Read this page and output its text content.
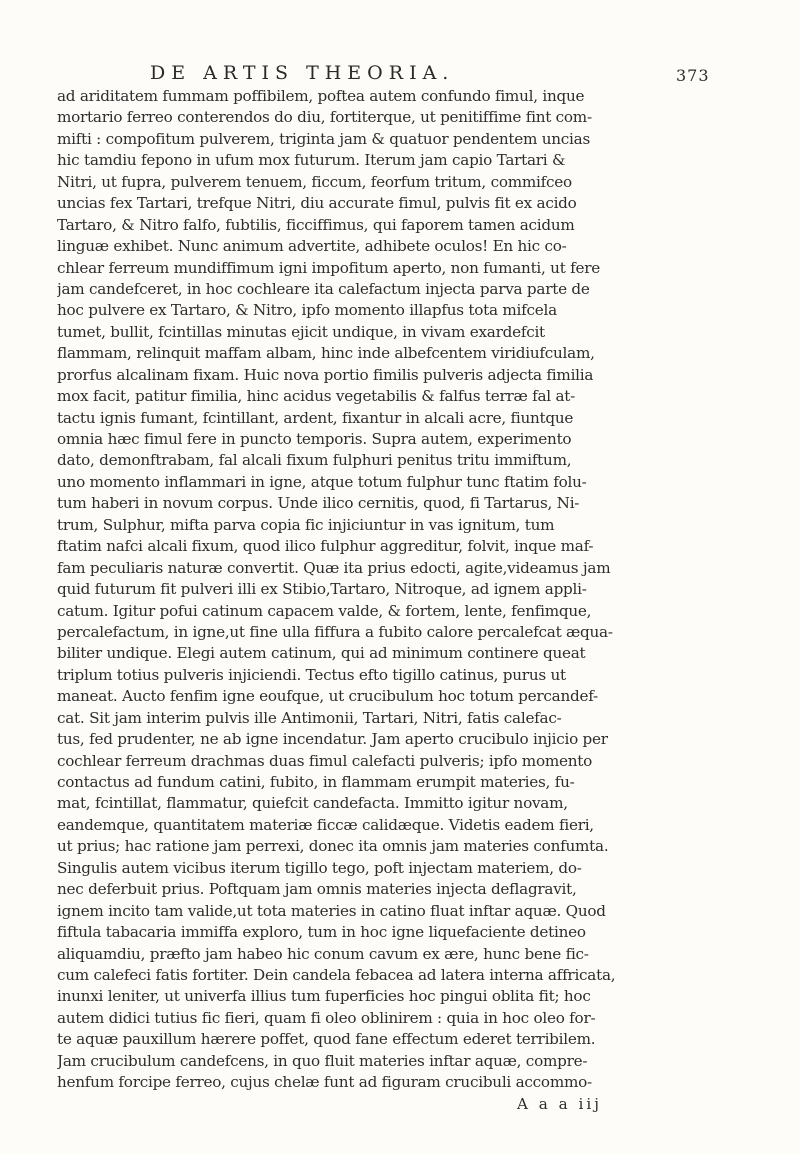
DE ARTIS THEORIA.	373
ad ariditatem fummam poffibilem, poftea autem confundo fimul, inque
mortario ferreo conterendos do diu, fortiterque, ut penitiffime fint com-
mifti : compofitum pulverem, triginta jam & quatuor pendentem uncias
hic tamdiu fepono in ufum mox futurum. Iterum jam capio Tartari &
Nitri, ut fupra, pulverem tenuem, ficcum, feorfum tritum, commifceo
uncias fex Tartari, trefque Nitri, diu accurate fimul, pulvis fit ex acido
Tartaro, & Nitro falfo, fubtilis, ficciffimus, qui faporem tamen acidum
linguæ exhibet. Nunc animum advertite, adhibete oculos! En hic co-
chlear ferreum mundiffimum igni impofitum aperto, non fumanti, ut fere
jam candefceret, in hoc cochleare ita calefactum injecta parva parte de
hoc pulvere ex Tartaro, & Nitro, ipfo momento illapfus tota mifcela
tumet, bullit, fcintillas minutas ejicit undique, in vivam exardefcit
flammam, relinquit maffam albam, hinc inde albefcentem viridiufculam,
prorfus alcalinam fixam. Huic nova portio fimilis pulveris adjecta fimilia
mox facit, patitur fimilia, hinc acidus vegetabilis & falfus terræ fal at-
tactu ignis fumant, fcintillant, ardent, fixantur in alcali acre, fiuntque
omnia hæc fimul fere in puncto temporis. Supra autem, experimento
dato, demonftrabam, fal alcali fixum fulphuri penitus tritu immiftum,
uno momento inflammari in igne, atque totum fulphur tunc ftatim folu-
tum haberi in novum corpus. Unde ilico cernitis, quod, fi Tartarus, Ni-
trum, Sulphur, mifta parva copia fic injiciuntur in vas ignitum, tum
ftatim nafci alcali fixum, quod ilico fulphur aggreditur, folvit, inque maf-
fam peculiaris naturæ convertit. Quæ ita prius edocti, agite,videamus jam
quid futurum fit pulveri illi ex Stibio,Tartaro, Nitroque, ad ignem appli-
catum. Igitur pofui catinum capacem valde, & fortem, lente, fenfimque,
percalefactum, in igne,ut fine ulla fiffura a fubito calore percalefcat æqua-
biliter undique. Elegi autem catinum, qui ad minimum continere queat
triplum totius pulveris injiciendi. Tectus efto tigillo catinus, purus ut
maneat. Aucto fenfim igne eoufque, ut crucibulum hoc totum percandef-
cat. Sit jam interim pulvis ille Antimonii, Tartari, Nitri, fatis calefac-
tus, fed prudenter, ne ab igne incendatur. Jam aperto crucibulo injicio per
cochlear ferreum drachmas duas fimul calefacti pulveris; ipfo momento
contactus ad fundum catini, fubito, in flammam erumpit materies, fu-
mat, fcintillat, flammatur, quiefcit candefacta. Immitto igitur novam,
eandemque, quantitatem materiæ ficcæ calidæque. Videtis eadem fieri,
ut prius; hac ratione jam perrexi, donec ita omnis jam materies confumta.
Singulis autem vicibus iterum tigillo tego, poft injectam materiem, do-
nec deferbuit prius. Poftquam jam omnis materies injecta deflagravit,
ignem incito tam valide,ut tota materies in catino fluat inftar aquæ. Quod
fiftula tabacaria immiffa exploro, tum in hoc igne liquefaciente detineo
aliquamdiu, præfto jam habeo hic conum cavum ex ære, hunc bene fic-
cum calefeci fatis fortiter. Dein candela febacea ad latera interna affricata,
inunxi leniter, ut univerfa illius tum fuperficies hoc pingui oblita fit; hoc
autem didici tutius fic fieri, quam fi oleo oblinirem : quia in hoc oleo for-
te aquæ pauxillum hærere poffet, quod fane effectum ederet terribilem.
Jam crucibulum candefcens, in quo fluit materies inftar aquæ, compre-
henfum forcipe ferreo, cujus chelæ funt ad figuram crucibuli accommo-
A a a iij
